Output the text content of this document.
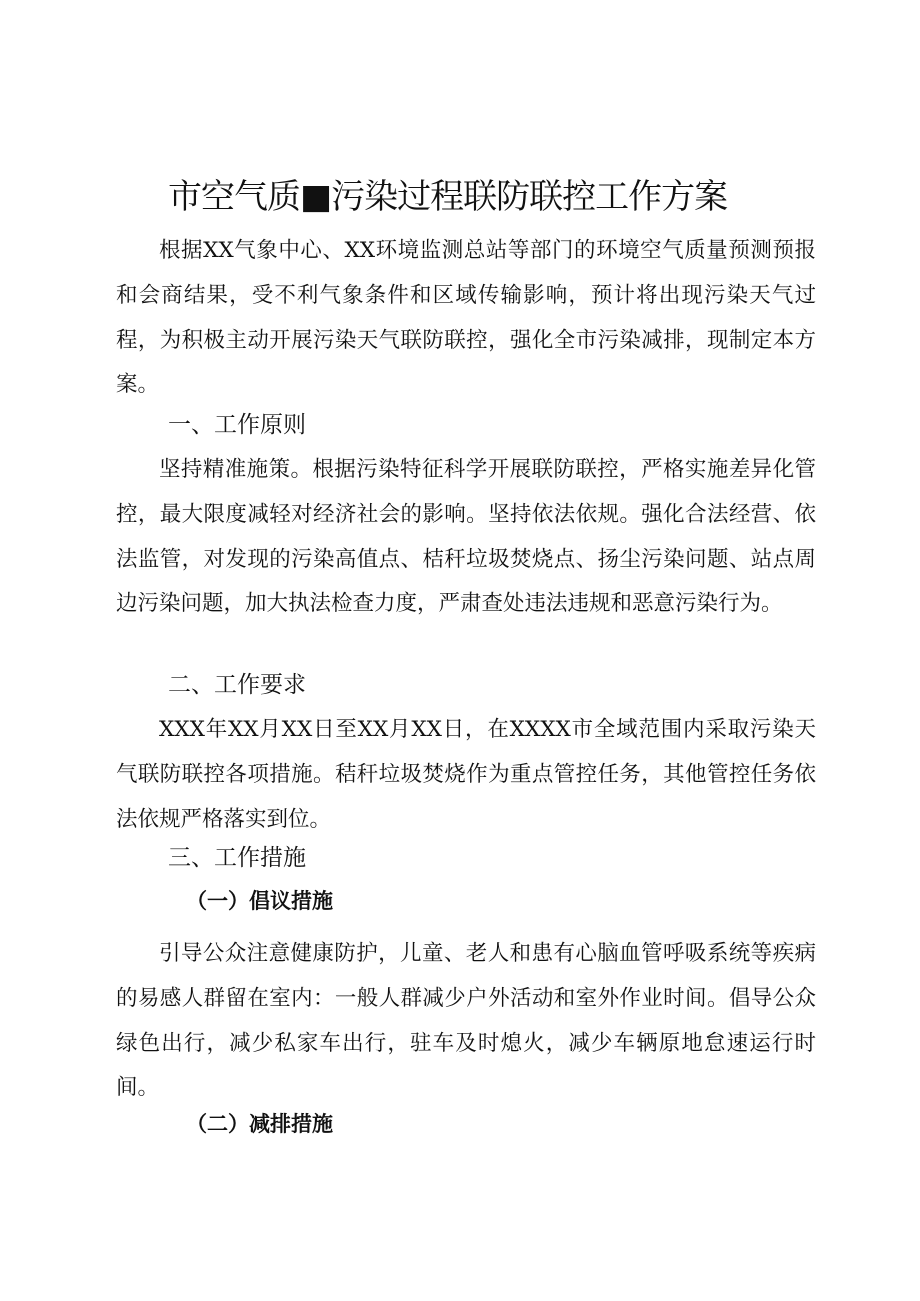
市空气质■污染过程联防联控工作方案

根据XX气象中心、XX环境监测总站等部门的环境空气质量预测预报和会商结果，受不利气象条件和区域传输影响，预计将出现污染天气过程，为积极主动开展污染天气联防联控，强化全市污染减排，现制定本方案。

一、工作原则

坚持精准施策。根据污染特征科学开展联防联控，严格实施差异化管控，最大限度减轻对经济社会的影响。坚持依法依规。强化合法经营、依法监管，对发现的污染高值点、桔秆垃圾焚烧点、扬尘污染问题、站点周边污染问题，加大执法检查力度，严肃查处违法违规和恶意污染行为。

二、工作要求

XXX年XX月XX日至XX月XX日，在XXXX市全域范围内采取污染天气联防联控各项措施。秸秆垃圾焚烧作为重点管控任务，其他管控任务依法依规严格落实到位。

三、工作措施
（一）倡议措施

引导公众注意健康防护，儿童、老人和患有心脑血管呼吸系统等疾病的易感人群留在室内：一般人群减少户外活动和室外作业时间。倡导公众绿色出行，减少私家车出行，驻车及时熄火，减少车辆原地怠速运行时间。

（二）减排措施
